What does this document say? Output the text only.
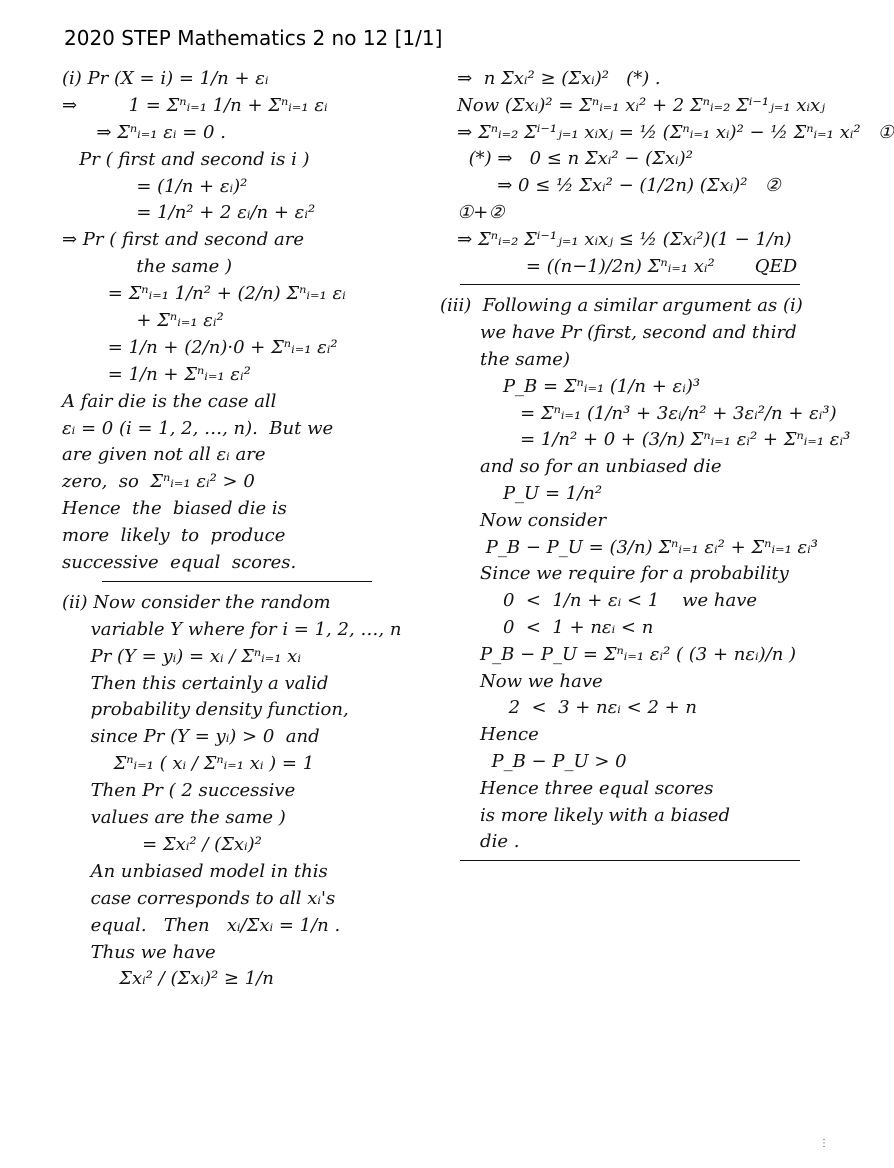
2020 STEP Mathematics 2 no 12 [1/1]
(i) Pr (X = i) = 1/n + εᵢ
⇒         1 = Σⁿᵢ₌₁ 1/n + Σⁿᵢ₌₁ εᵢ
⇒ Σⁿᵢ₌₁ εᵢ = 0 .
Pr ( first and second is i )
= (1/n + εᵢ)²
= 1/n² + 2 εᵢ/n + εᵢ²
⇒ Pr ( first and second are
the same )
= Σⁿᵢ₌₁ 1/n² + (2/n) Σⁿᵢ₌₁ εᵢ
+ Σⁿᵢ₌₁ εᵢ²
= 1/n + (2/n)·0 + Σⁿᵢ₌₁ εᵢ²
= 1/n + Σⁿᵢ₌₁ εᵢ²
A fair die is the case all
εᵢ = 0 (i = 1, 2, …, n).  But we
are given not all εᵢ are
zero,  so  Σⁿᵢ₌₁ εᵢ² > 0
Hence  the  biased die is
more  likely  to  produce
successive  equal  scores.
(ii) Now consider the random
variable Y where for i = 1, 2, …, n
Pr (Y = yᵢ) = xᵢ / Σⁿᵢ₌₁ xᵢ
Then this certainly a valid
probability density function,
since Pr (Y = yᵢ) > 0  and
Σⁿᵢ₌₁ ( xᵢ / Σⁿᵢ₌₁ xᵢ ) = 1
Then Pr ( 2 successive
values are the same )
= Σxᵢ² / (Σxᵢ)²
An unbiased model in this
case corresponds to all xᵢ's
equal.   Then   xᵢ/Σxᵢ = 1/n .
Thus we have
Σxᵢ² / (Σxᵢ)² ≥ 1/n
⇒  n Σxᵢ² ≥ (Σxᵢ)²   (*) .
Now (Σxᵢ)² = Σⁿᵢ₌₁ xᵢ² + 2 Σⁿᵢ₌₂ Σⁱ⁻¹ⱼ₌₁ xᵢxⱼ
⇒ Σⁿᵢ₌₂ Σⁱ⁻¹ⱼ₌₁ xᵢxⱼ = ½ (Σⁿᵢ₌₁ xᵢ)² − ½ Σⁿᵢ₌₁ xᵢ²   ①
(*) ⇒   0 ≤ n Σxᵢ² − (Σxᵢ)²
⇒ 0 ≤ ½ Σxᵢ² − (1/2n) (Σxᵢ)²   ②
①+②
⇒ Σⁿᵢ₌₂ Σⁱ⁻¹ⱼ₌₁ xᵢxⱼ ≤ ½ (Σxᵢ²)(1 − 1/n)
= ((n−1)/2n) Σⁿᵢ₌₁ xᵢ²       QED
(iii)  Following a similar argument as (i)
we have Pr (first, second and third
the same)
P_B = Σⁿᵢ₌₁ (1/n + εᵢ)³
= Σⁿᵢ₌₁ (1/n³ + 3εᵢ/n² + 3εᵢ²/n + εᵢ³)
= 1/n² + 0 + (3/n) Σⁿᵢ₌₁ εᵢ² + Σⁿᵢ₌₁ εᵢ³
and so for an unbiased die
P_U = 1/n²
Now consider
P_B − P_U = (3/n) Σⁿᵢ₌₁ εᵢ² + Σⁿᵢ₌₁ εᵢ³
Since we require for a probability
0  <  1/n + εᵢ < 1    we have
0  <  1 + nεᵢ < n
P_B − P_U = Σⁿᵢ₌₁ εᵢ² ( (3 + nεᵢ)/n )
Now we have
2  <  3 + nεᵢ < 2 + n
Hence
P_B − P_U > 0
Hence three equal scores
is more likely with a biased
die .
⋮
